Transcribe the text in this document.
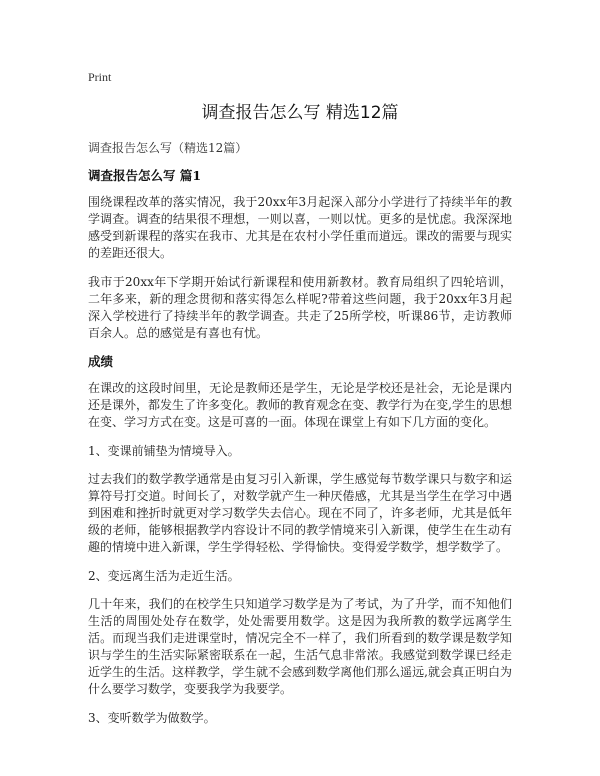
Print
调查报告怎么写 精选12篇
调查报告怎么写（精选12篇）
调查报告怎么写 篇1

围绕课程改革的落实情况，我于20xx年3月起深入部分小学进行了持续半年的教学调查。调查的结果很不理想，一则以喜，一则以忧。更多的是忧虑。我深深地感受到新课程的落实在我市、尤其是在农村小学任重而道远。课改的需要与现实的差距还很大。

我市于20xx年下学期开始试行新课程和使用新教材。教育局组织了四轮培训，二年多来，新的理念贯彻和落实得怎么样呢?带着这些问题，我于20xx年3月起深入学校进行了持续半年的教学调查。共走了25所学校，听课86节，走访教师百余人。总的感觉是有喜也有忧。

成绩

在课改的这段时间里，无论是教师还是学生，无论是学校还是社会，无论是课内还是课外，都发生了许多变化。教师的教育观念在变、教学行为在变,学生的思想在变、学习方式在变。这是可喜的一面。体现在课堂上有如下几方面的变化。

1、变课前铺垫为情境导入。

过去我们的数学教学通常是由复习引入新课，学生感觉每节数学课只与数字和运算符号打交道。时间长了，对数学就产生一种厌倦感，尤其是当学生在学习中遇到困难和挫折时就更对学习数学失去信心。现在不同了，许多老师，尤其是低年级的老师，能够根据教学内容设计不同的教学情境来引入新课，使学生在生动有趣的情境中进入新课，学生学得轻松、学得愉快。变得爱学数学，想学数学了。

2、变远离生活为走近生活。

几十年来，我们的在校学生只知道学习数学是为了考试，为了升学，而不知他们生活的周围处处存在数学，处处需要用数学。这是因为我所教的数学远离学生活。而现当我们走进课堂时，情况完全不一样了，我们所看到的数学课是数学知识与学生的生活实际紧密联系在一起，生活气息非常浓。我感觉到数学课已经走近学生的生活。这样教学，学生就不会感到数学离他们那么遥远,就会真正明白为什么要学习数学，变要我学为我要学。

3、变听数学为做数学。
